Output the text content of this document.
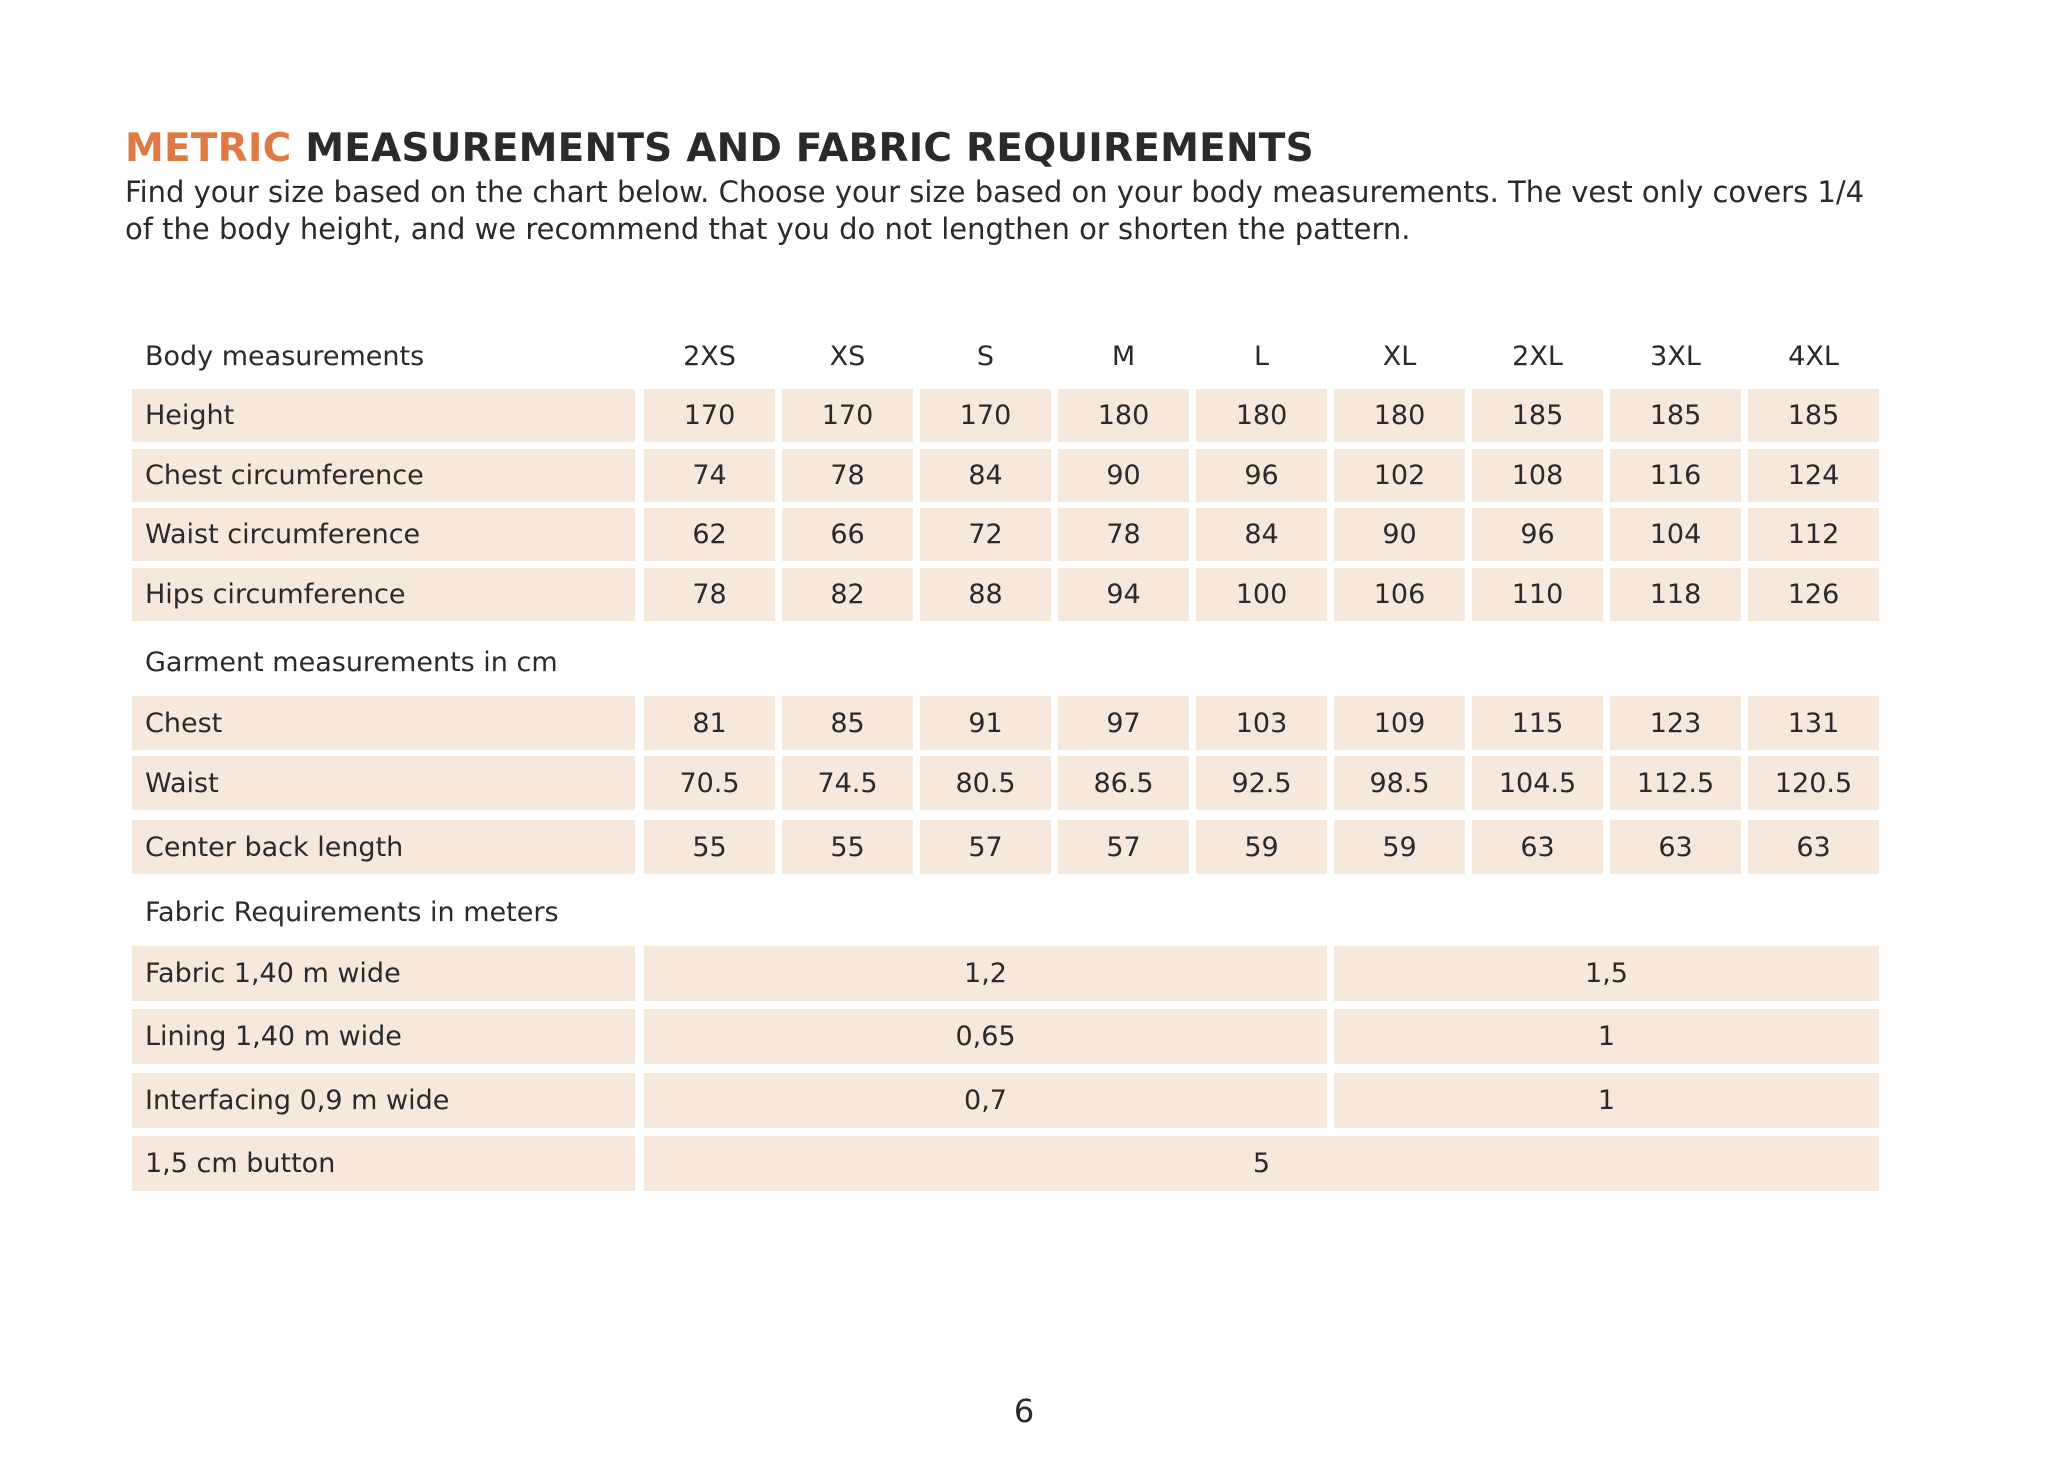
METRIC MEASUREMENTS AND FABRIC REQUIREMENTS

Find your size based on the chart below. Choose your size based on your body measurements. The vest only covers 1/4 of the body height, and we recommend that you do not lengthen or shorten the pattern.

Body measurements	2XS	XS	S	M	L	XL	2XL	3XL	4XL
Height	170	170	170	180	180	180	185	185	185
Chest circumference	74	78	84	90	96	102	108	116	124
Waist circumference	62	66	72	78	84	90	96	104	112
Hips circumference	78	82	88	94	100	106	110	118	126
Garment measurements in cm
Chest	81	85	91	97	103	109	115	123	131
Waist	70.5	74.5	80.5	86.5	92.5	98.5	104.5	112.5	120.5
Center back length	55	55	57	57	59	59	63	63	63
Fabric Requirements in meters
Fabric 1,40 m wide	1,2	1,5
Lining 1,40 m wide	0,65	1
Interfacing 0,9 m wide	0,7	1
1,5 cm button	5
6
